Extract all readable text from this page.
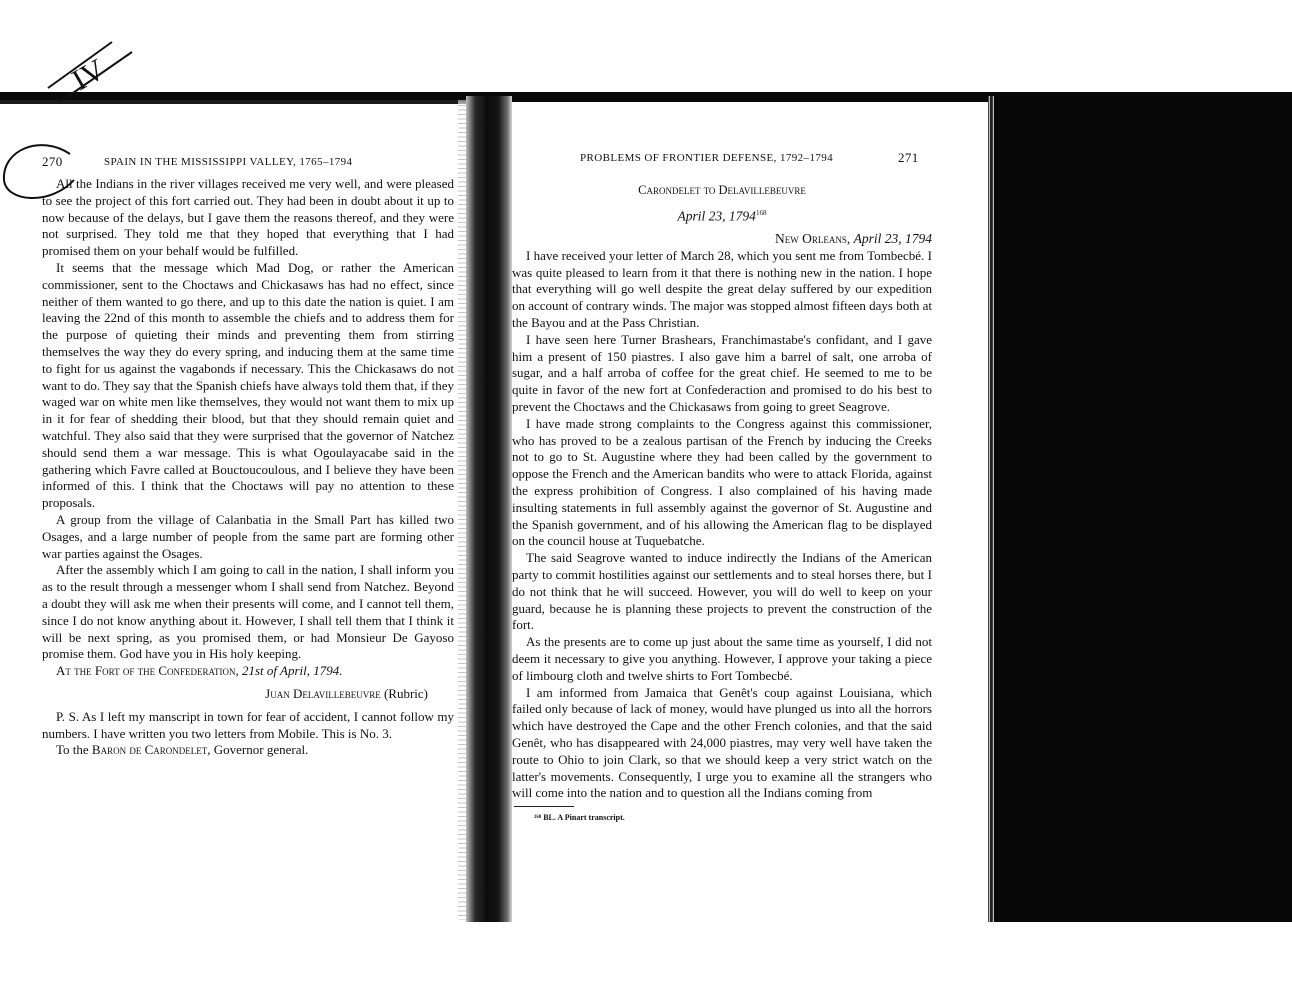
IV
270	SPAIN IN THE MISSISSIPPI VALLEY, 1765–1794

All the Indians in the river villages received me very well, and were pleased to see the project of this fort carried out. They had been in doubt about it up to now because of the delays, but I gave them the reasons thereof, and they were not surprised. They told me that they hoped that everything that I had promised them on your behalf would be fulfilled.

It seems that the message which Mad Dog, or rather the American commissioner, sent to the Choctaws and Chickasaws has had no effect, since neither of them wanted to go there, and up to this date the nation is quiet. I am leaving the 22nd of this month to assemble the chiefs and to address them for the purpose of quieting their minds and preventing them from stirring themselves the way they do every spring, and inducing them at the same time to fight for us against the vagabonds if necessary. This the Chickasaws do not want to do. They say that the Spanish chiefs have always told them that, if they waged war on white men like themselves, they would not want them to mix up in it for fear of shedding their blood, but that they should remain quiet and watchful. They also said that they were surprised that the governor of Natchez should send them a war message. This is what Ogoulayacabe said in the gathering which Favre called at Bouctoucoulous, and I believe they have been informed of this. I think that the Choctaws will pay no attention to these proposals.

A group from the village of Calanbatia in the Small Part has killed two Osages, and a large number of people from the same part are forming other war parties against the Osages.

After the assembly which I am going to call in the nation, I shall inform you as to the result through a messenger whom I shall send from Natchez. Beyond a doubt they will ask me when their presents will come, and I cannot tell them, since I do not know anything about it. However, I shall tell them that I think it will be next spring, as you promised them, or had Monsieur De Gayoso promise them. God have you in His holy keeping.

At the Fort of the Confederation, 21st of April, 1794.

Juan Delavillebeuvre (Rubric)

P. S. As I left my manscript in town for fear of accident, I cannot follow my numbers. I have written you two letters from Mobile. This is No. 3.

To the Baron de Carondelet, Governor general.

PROBLEMS OF FRONTIER DEFENSE, 1792–1794	271

Carondelet to Delavillebeuvre

April 23, 1794$^{168}$

New Orleans, April 23, 1794

I have received your letter of March 28, which you sent me from Tombecbé. I was quite pleased to learn from it that there is nothing new in the nation. I hope that everything will go well despite the great delay suffered by our expedition on account of contrary winds. The major was stopped almost fifteen days both at the Bayou and at the Pass Christian.

I have seen here Turner Brashears, Franchimastabe's confidant, and I gave him a present of 150 piastres. I also gave him a barrel of salt, one arroba of sugar, and a half arroba of coffee for the great chief. He seemed to me to be quite in favor of the new fort at Confederaction and promised to do his best to prevent the Choctaws and the Chickasaws from going to greet Seagrove.

I have made strong complaints to the Congress against this commissioner, who has proved to be a zealous partisan of the French by inducing the Creeks not to go to St. Augustine where they had been called by the government to oppose the French and the American bandits who were to attack Florida, against the express prohibition of Congress. I also complained of his having made insulting statements in full assembly against the governor of St. Augustine and the Spanish government, and of his allowing the American flag to be displayed on the council house at Tuquebatche.

The said Seagrove wanted to induce indirectly the Indians of the American party to commit hostilities against our settlements and to steal horses there, but I do not think that he will succeed. However, you will do well to keep on your guard, because he is planning these projects to prevent the construction of the fort.

As the presents are to come up just about the same time as yourself, I did not deem it necessary to give you anything. However, I approve your taking a piece of limbourg cloth and twelve shirts to Fort Tombecbé.

I am informed from Jamaica that Genêt's coup against Louisiana, which failed only because of lack of money, would have plunged us into all the horrors which have destroyed the Cape and the other French colonies, and that the said Genêt, who has disappeared with 24,000 piastres, may very well have taken the route to Ohio to join Clark, so that we should keep a very strict watch on the latter's movements. Consequently, I urge you to examine all the strangers who will come into the nation and to question all the Indians coming from

¹⁶⁸ BL. A Pinart transcript.
